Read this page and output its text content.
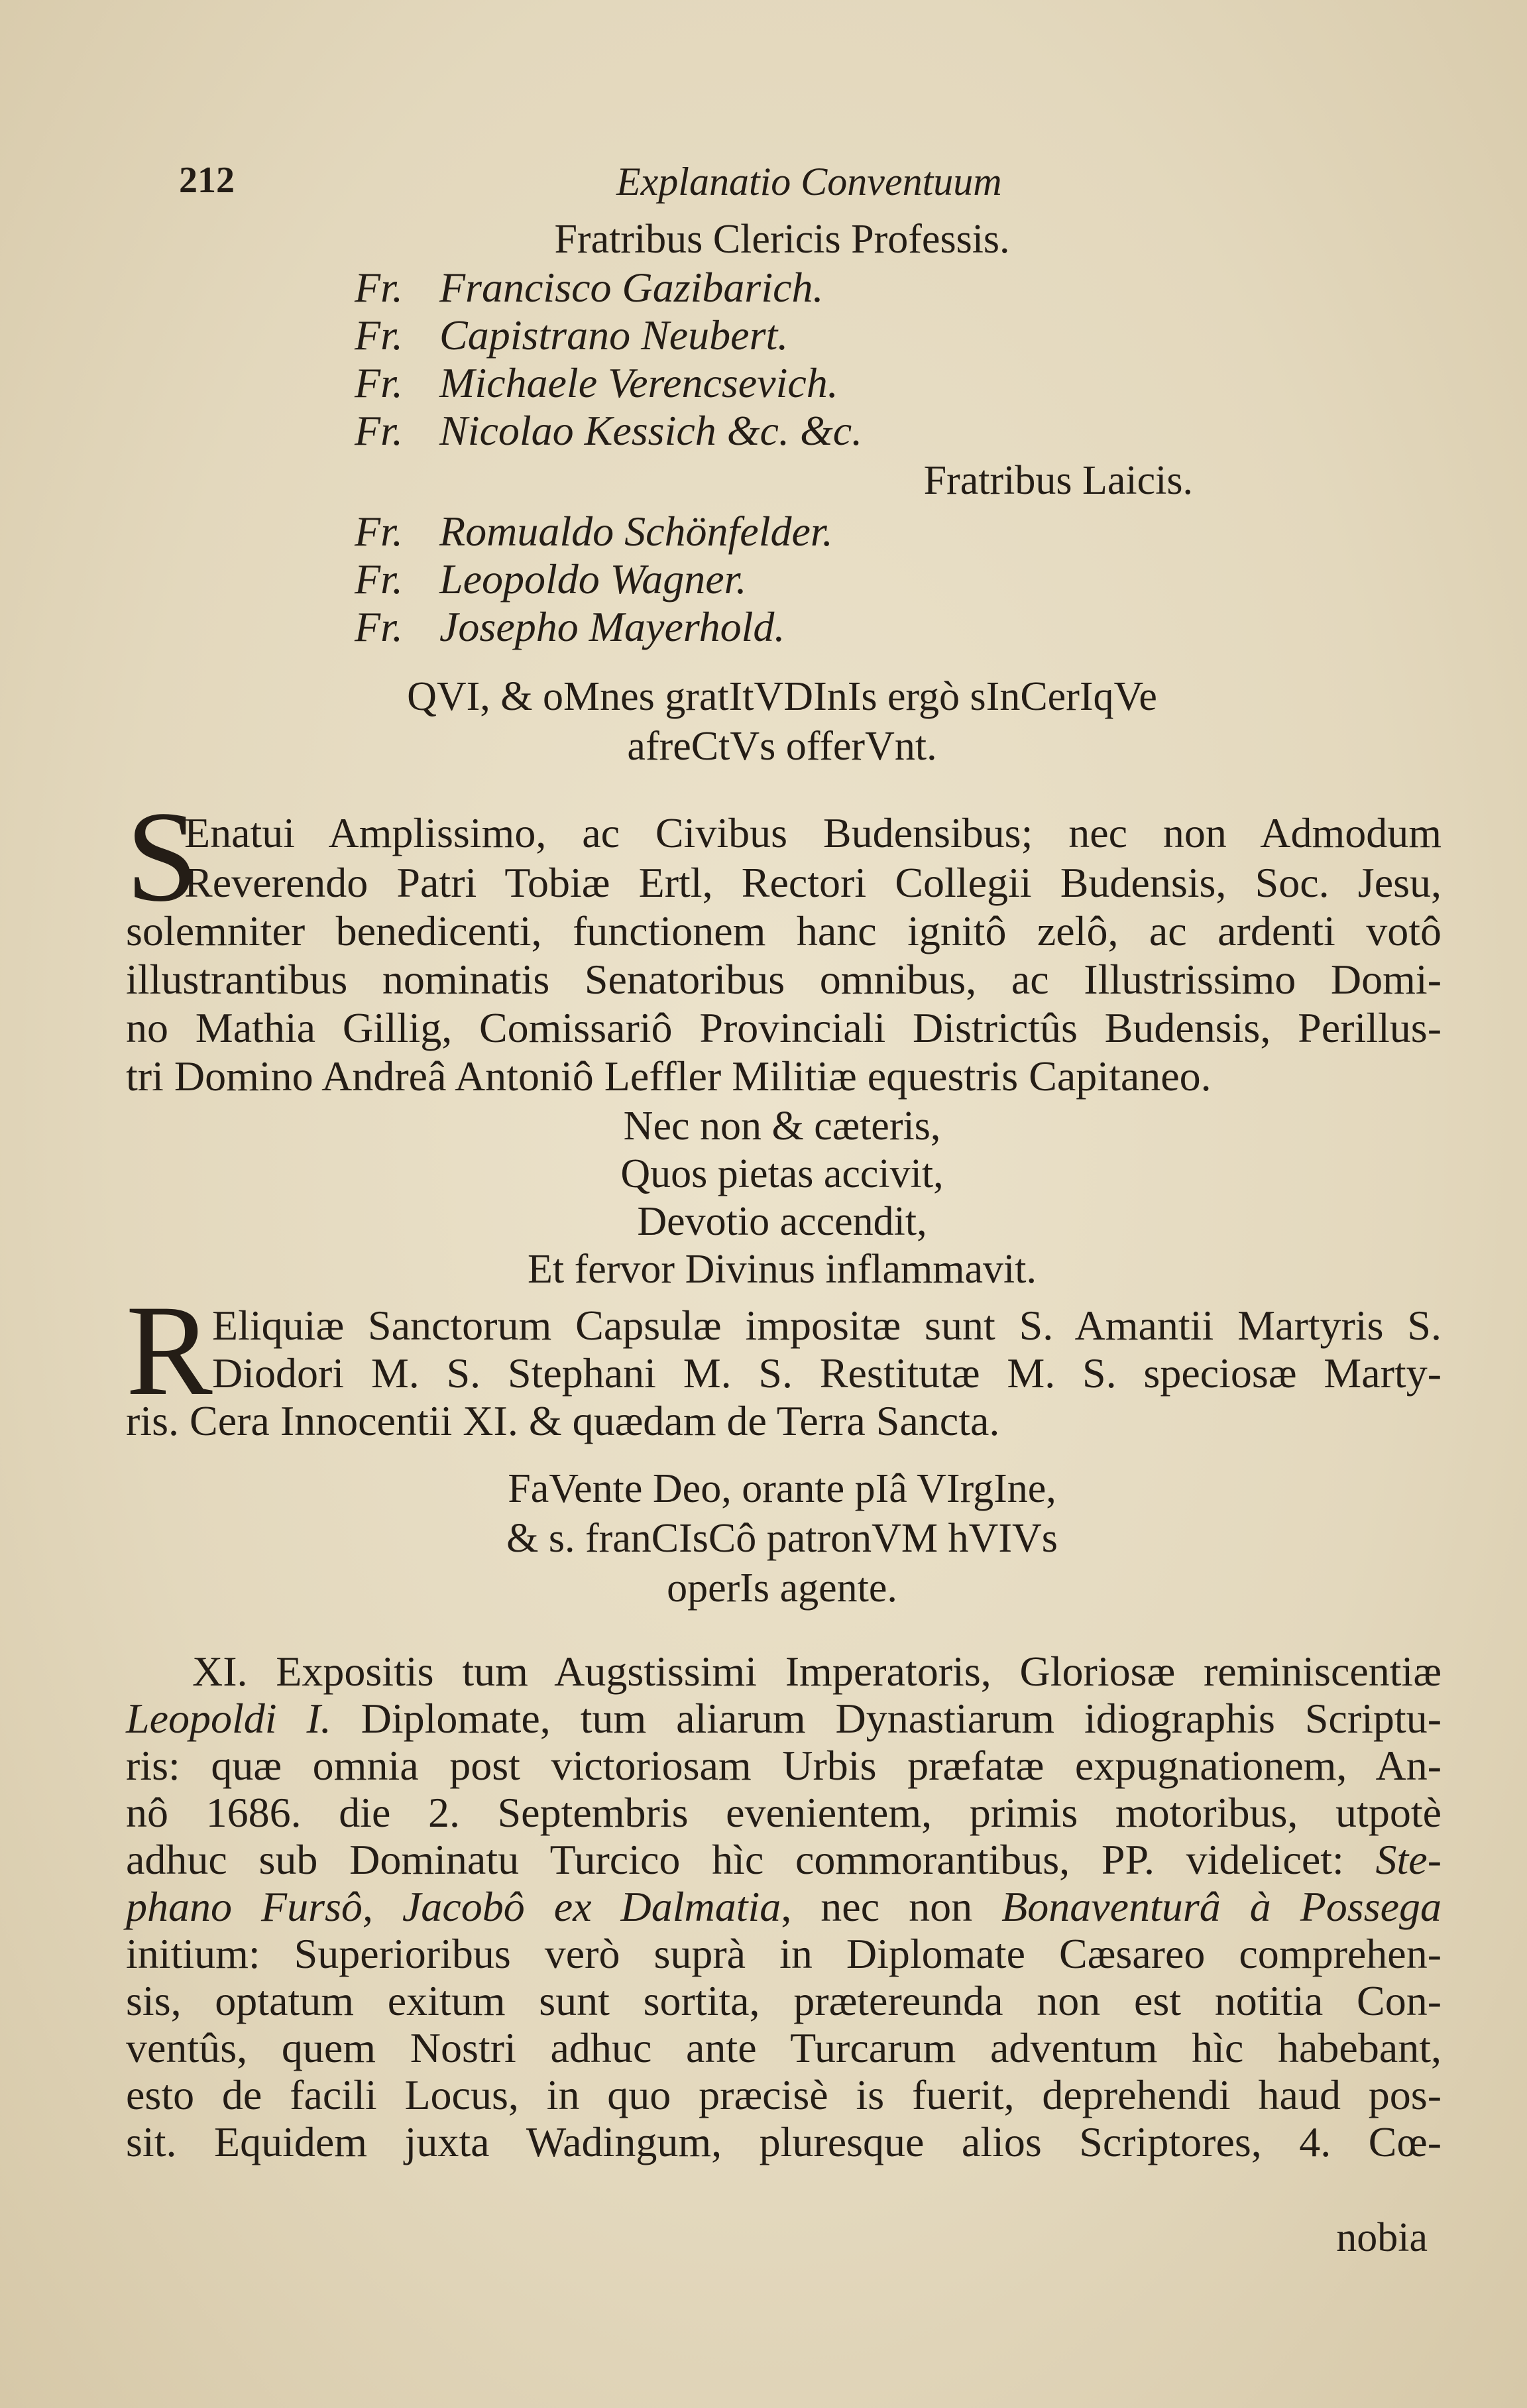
212	Explanatio Conventuum
Fratribus Clericis Professis.
Fr. Francisco Gazibarich.
Fr. Capistrano Neubert.
Fr. Michaele Verencsevich.
Fr. Nicolao Kessich &c. &c.
Fratribus Laicis.
Fr. Romualdo Schönfelder.
Fr. Leopoldo Wagner.
Fr. Josepho Mayerhold.
QVI, & oMnes gratItVDInIs ergò sInCerIqVe
afreCtVs offerVnt.
S
Enatui Amplissimo, ac Civibus Budensibus; nec non Admodum
Reverendo Patri Tobiæ Ertl, Rectori Collegii Budensis, Soc. Jesu,
solemniter benedicenti, functionem hanc ignitô zelô, ac ardenti votô
illustrantibus nominatis Senatoribus omnibus, ac Illustrissimo Domi-
no Mathia Gillig, Comissariô Provinciali Districtûs Budensis, Perillus-
tri Domino Andreâ Antoniô Leffler Militiæ equestris Capitaneo.
Nec non & cæteris,
Quos pietas accivit,
Devotio accendit,
Et fervor Divinus inflammavit.
R Eliquiæ Sanctorum Capsulæ impositæ sunt S. Amantii Martyris S.
Diodori M. S. Stephani M. S. Restitutæ M. S. speciosæ Marty-
ris. Cera Innocentii XI. & quædam de Terra Sancta.
FaVente Deo, orante pIâ VIrgIne,
& s. franCIsCô patronVM hVIVs
operIs agente.
XI. Expositis tum Augstissimi Imperatoris, Gloriosæ reminiscentiæ
Leopoldi I. Diplomate, tum aliarum Dynastiarum idiographis Scriptu-
ris: quæ omnia post victoriosam Urbis præfatæ expugnationem, An-
nô 1686. die 2. Septembris evenientem, primis motoribus, utpotè
adhuc sub Dominatu Turcico hìc commorantibus, PP. videlicet: Ste-
phano Fursô, Jacobô ex Dalmatia, nec non Bonaventurâ à Possega
initium: Superioribus verò suprà in Diplomate Cæsareo comprehen-
sis, optatum exitum sunt sortita, prætereunda non est notitia Con-
ventûs, quem Nostri adhuc ante Turcarum adventum hìc habebant,
esto de facili Locus, in quo præcisè is fuerit, deprehendi haud pos-
sit. Equidem juxta Wadingum, pluresque alios Scriptores, 4. Cœ-
nobia
